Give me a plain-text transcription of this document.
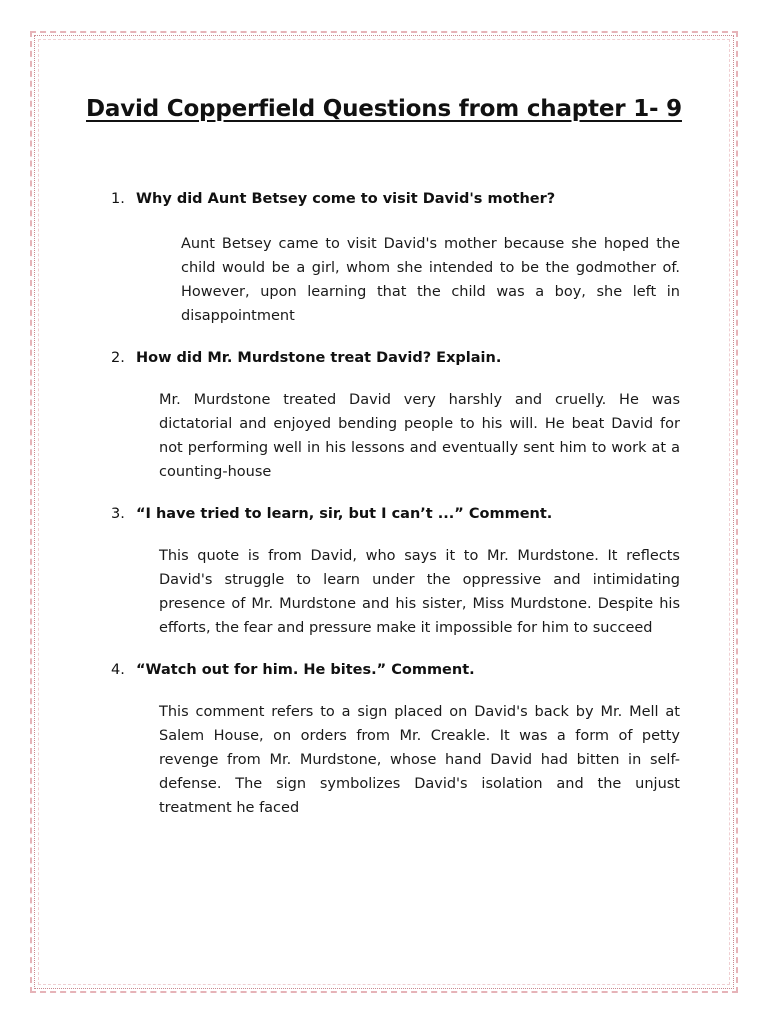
David Copperfield Questions from chapter 1- 9
1. Why did Aunt Betsey come to visit David's mother?

Aunt Betsey came to visit David's mother because she hoped the child would be a girl, whom she intended to be the godmother of. However, upon learning that the child was a boy, she left in disappointment

2. How did Mr. Murdstone treat David? Explain.

Mr. Murdstone treated David very harshly and cruelly. He was dictatorial and enjoyed bending people to his will. He beat David for not performing well in his lessons and eventually sent him to work at a counting-house

3. “I have tried to learn, sir, but I can’t ...” Comment.

This quote is from David, who says it to Mr. Murdstone. It reflects David's struggle to learn under the oppressive and intimidating presence of Mr. Murdstone and his sister, Miss Murdstone. Despite his efforts, the fear and pressure make it impossible for him to succeed

4. “Watch out for him. He bites.” Comment.

This comment refers to a sign placed on David's back by Mr. Mell at Salem House, on orders from Mr. Creakle. It was a form of petty revenge from Mr. Murdstone, whose hand David had bitten in self-defense. The sign symbolizes David's isolation and the unjust treatment he faced
